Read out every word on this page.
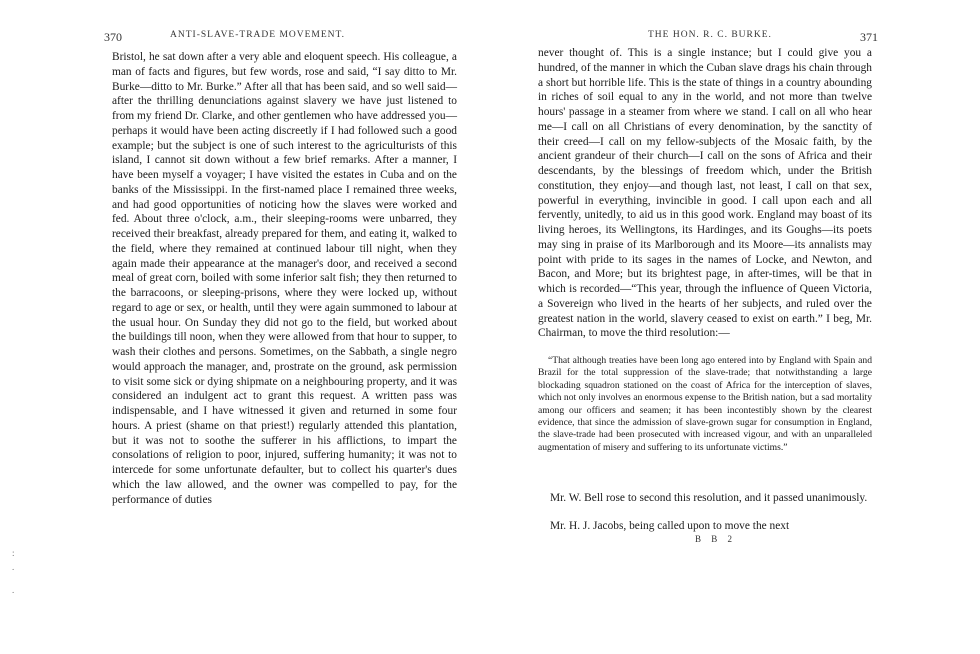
370	ANTI-SLAVE-TRADE MOVEMENT.

Bristol, he sat down after a very able and eloquent speech. His colleague, a man of facts and figures, but few words, rose and said, “I say ditto to Mr. Burke—ditto to Mr. Burke.” After all that has been said, and so well said—after the thrilling denunciations against slavery we have just listened to from my friend Dr. Clarke, and other gentlemen who have addressed you—perhaps it would have been acting discreetly if I had followed such a good example; but the subject is one of such interest to the agriculturists of this island, I cannot sit down without a few brief remarks. After a manner, I have been myself a voyager; I have visited the estates in Cuba and on the banks of the Mississippi. In the first-named place I remained three weeks, and had good opportunities of noticing how the slaves were worked and fed. About three o'clock, a.m., their sleeping-rooms were unbarred, they received their breakfast, already prepared for them, and eating it, walked to the field, where they remained at continued labour till night, when they again made their appearance at the manager's door, and received a second meal of great corn, boiled with some inferior salt fish; they then returned to the barracoons, or sleeping-prisons, where they were locked up, without regard to age or sex, or health, until they were again summoned to labour at the usual hour. On Sunday they did not go to the field, but worked about the buildings till noon, when they were allowed from that hour to supper, to wash their clothes and persons. Sometimes, on the Sabbath, a single negro would approach the manager, and, prostrate on the ground, ask permission to visit some sick or dying shipmate on a neighbouring property, and it was considered an indulgent act to grant this request. A written pass was indispensable, and I have witnessed it given and returned in some four hours. A priest (shame on that priest!) regularly attended this plantation, but it was not to soothe the sufferer in his afflictions, to impart the consolations of religion to poor, injured, suffering humanity; it was not to intercede for some unfortunate defaulter, but to collect his quarter's dues which the law allowed, and the owner was compelled to pay, for the performance of duties

:
.
.
THE HON. R. C. BURKE.	371

never thought of. This is a single instance; but I could give you a hundred, of the manner in which the Cuban slave drags his chain through a short but horrible life. This is the state of things in a country abounding in riches of soil equal to any in the world, and not more than twelve hours' passage in a steamer from where we stand. I call on all who hear me—I call on all Christians of every denomination, by the sanctity of their creed—I call on my fellow-subjects of the Mosaic faith, by the ancient grandeur of their church—I call on the sons of Africa and their descendants, by the blessings of freedom which, under the British constitution, they enjoy—and though last, not least, I call on that sex, powerful in everything, invincible in good. I call upon each and all fervently, unitedly, to aid us in this good work. England may boast of its living heroes, its Wellingtons, its Hardinges, and its Goughs—its poets may sing in praise of its Marlborough and its Moore—its annalists may point with pride to its sages in the names of Locke, and Newton, and Bacon, and More; but its brightest page, in after-times, will be that in which is recorded—“This year, through the influence of Queen Victoria, a Sovereign who lived in the hearts of her subjects, and ruled over the greatest nation in the world, slavery ceased to exist on earth.” I beg, Mr. Chairman, to move the third resolution:—

“That although treaties have been long ago entered into by England with Spain and Brazil for the total suppression of the slave-trade; that notwithstanding a large blockading squadron stationed on the coast of Africa for the interception of slaves, which not only involves an enormous expense to the British nation, but a sad mortality among our officers and seamen; it has been incontestibly shown by the clearest evidence, that since the admission of slave-grown sugar for consumption in England, the slave-trade had been prosecuted with increased vigour, and with an unparalleled augmentation of misery and suffering to its unfortunate victims.”

Mr. W. Bell rose to second this resolution, and it passed unanimously.

Mr. H. J. Jacobs, being called upon to move the next

B B 2
